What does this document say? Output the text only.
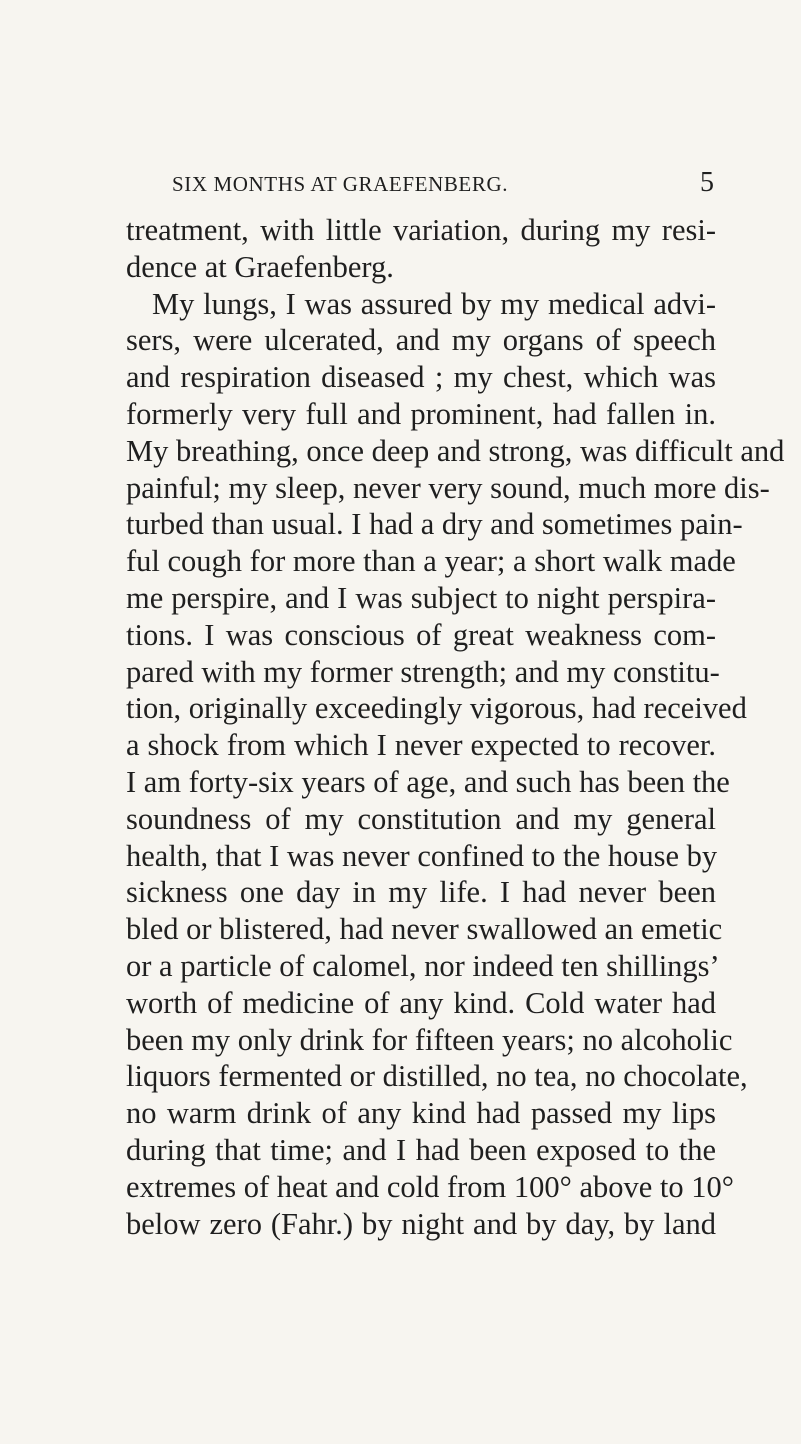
SIX MONTHS AT GRAEFENBERG.	5
treatment, with little variation, during my resi-
dence at Graefenberg.
My lungs, I was assured by my medical advi-
sers, were ulcerated, and my organs of speech
and respiration diseased ; my chest, which was
formerly very full and prominent, had fallen in.
My breathing, once deep and strong, was difficult and
painful; my sleep, never very sound, much more dis-
turbed than usual. I had a dry and sometimes pain-
ful cough for more than a year; a short walk made
me perspire, and I was subject to night perspira-
tions. I was conscious of great weakness com-
pared with my former strength; and my constitu-
tion, originally exceedingly vigorous, had received
a shock from which I never expected to recover.
I am forty-six years of age, and such has been the
soundness of my constitution and my general
health, that I was never confined to the house by
sickness one day in my life. I had never been
bled or blistered, had never swallowed an emetic
or a particle of calomel, nor indeed ten shillings’
worth of medicine of any kind. Cold water had
been my only drink for fifteen years; no alcoholic
liquors fermented or distilled, no tea, no chocolate,
no warm drink of any kind had passed my lips
during that time; and I had been exposed to the
extremes of heat and cold from 100° above to 10°
below zero (Fahr.) by night and by day, by land
